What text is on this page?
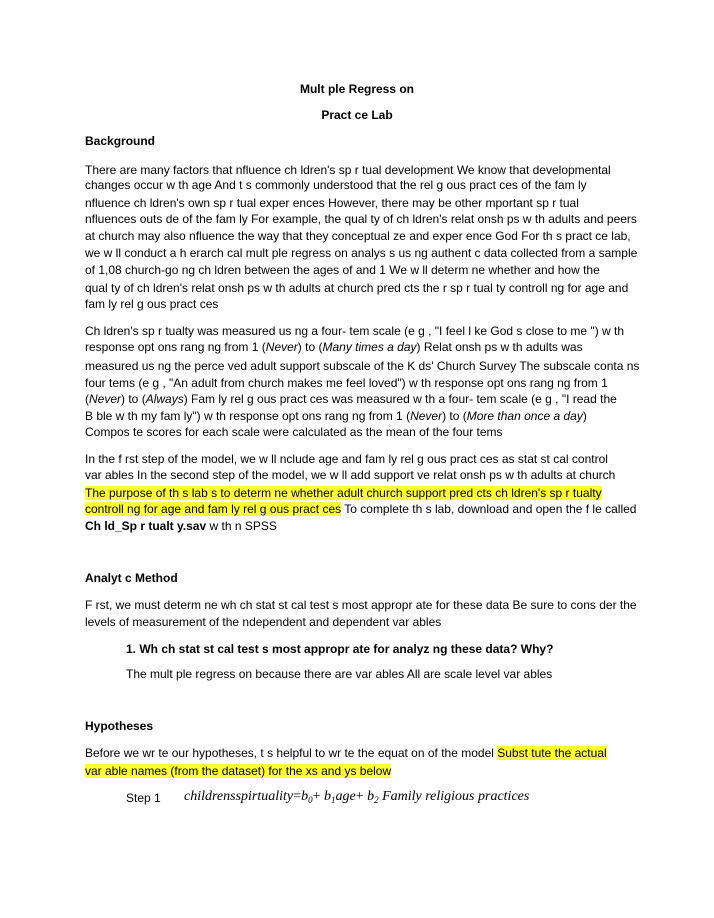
Mult ple Regress on
Pract ce Lab
Background
There are many factors that nfluence ch ldren's sp r tual development We know that developmental
changes occur w th age And t s commonly understood that the rel g ous pract ces of the fam ly
nfluence ch ldren's own sp r tual exper ences However, there may be other mportant sp r tual
nfluences outs de of the fam ly For example, the qual ty of ch ldren's relat onsh ps w th adults and peers
at church may also nfluence the way that they conceptual ze and exper ence God For th s pract ce lab,
we w ll conduct a h erarch cal mult ple regress on analys s us ng authent c data collected from a sample
of 1,08 church-go ng ch ldren between the ages of and 1 We w ll determ ne whether and how the
qual ty of ch ldren's relat onsh ps w th adults at church pred cts the r sp r tual ty controll ng for age and
fam ly rel g ous pract ces
Ch ldren's sp r tualty was measured us ng a four- tem scale (e g , "I feel l ke God s close to me ") w th
response opt ons rang ng from 1 (Never) to (Many times a day) Relat onsh ps w th adults was
measured us ng the perce ved adult support subscale of the K ds' Church Survey The subscale conta ns
four tems (e g , "An adult from church makes me feel loved") w th response opt ons rang ng from 1
(Never) to (Always) Fam ly rel g ous pract ces was measured w th a four- tem scale (e g , "I read the
B ble w th my fam ly") w th response opt ons rang ng from 1 (Never) to (More than once a day)
Compos te scores for each scale were calculated as the mean of the four tems
In the f rst step of the model, we w ll nclude age and fam ly rel g ous pract ces as stat st cal control
var ables In the second step of the model, we w ll add support ve relat onsh ps w th adults at church
The purpose of th s lab s to determ ne whether adult church support pred cts ch ldren's sp r tualty
controll ng for age and fam ly rel g ous pract ces To complete th s lab, download and open the f le called
Ch ld_Sp r tualt y.sav w th n SPSS
Analyt c Method
F rst, we must determ ne wh ch stat st cal test s most appropr ate for these data Be sure to cons der the
levels of measurement of the ndependent and dependent var ables
1. Wh ch stat st cal test s most appropr ate for analyz ng these data? Why?
The mult ple regress on because there are var ables All are scale level var ables
Hypotheses
Before we wr te our hypotheses, t s helpful to wr te the equat on of the model Subst tute the actual
var able names (from the dataset) for the xs and ys below
Step 1 $childrensspirtuality=b_0+ b_1age+ b_2$ Family religious practices
